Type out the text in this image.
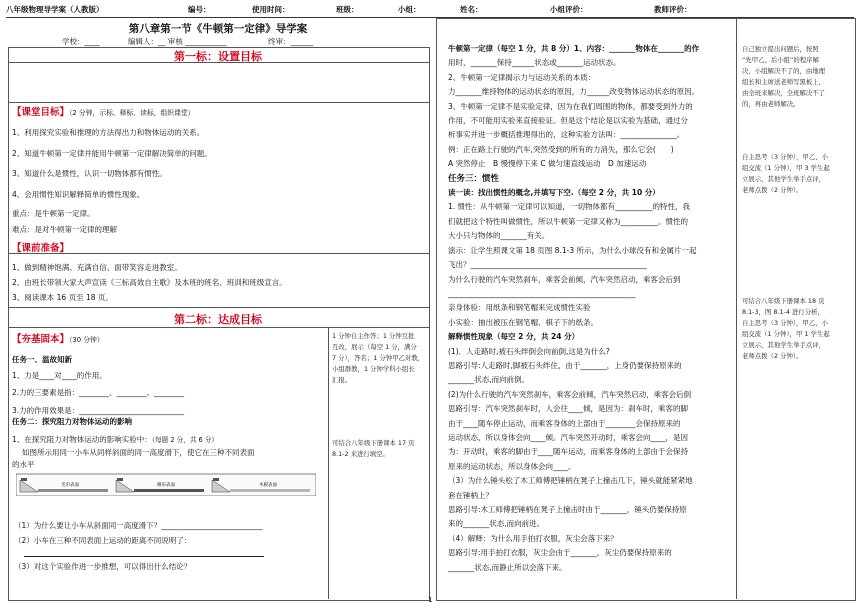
八年级物理导学案（人教版）	编号：	使用时间：	班级：	小组：	姓名：	小组评价：	教师评价：
第八章第一节《牛顿第一定律》导学案
学校：____	编辑人：__ 审核 ___________	终审：______
第一标：设置目标
【课堂目标】（2 分钟，示标、释标、读标，组织课堂）
1、利用探究实验和推理的方法得出力和物体运动的关系。
2、知道牛顿第一定律并能用牛顿第一定律解决简单的问题。
3、知道什么是惯性，认识一切物体都有惯性。
4、会用惯性知识解释简单的惯性现象。
重点：是牛顿第一定律。
难点：是对牛顿第一定律的理解
【课前准备】
1、做到精神饱满、充满自信、面带笑容走进教室。
2、由班长带领大家大声宣读《三标高效自主歌》及本班的班名、班训和班级宣言。
3、阅读课本 16 页至 18 页。
第二标：达成目标
【夯基固本】（30 分钟）
任务一、温故知新
1、力是____对____的作用。
2.力的三要素是指：________、________、________
3.力的作用效果是：____________________________
任务二：探究阻力对物体运动的影响
1、在探究阻力对物体运动的影响实验中：（每题 2 分，共 6 分）
如图所示用同一小车从同样斜面的同一高度滑下，使它在三种不同表面
的水平
毛巾表面	棉布表面	木板表面
（1）为什么要让小车从斜面同一高度滑下？___________________________
（2）小车在三种不同表面上运动的距离不同说明了：
（3）对这个实验作进一步推想，可以得出什么结论？
1 分钟自主作答；1 分钟互批
互改，展示（每空 1 分，满分
7 分），答名；1 分钟甲乙对教，
小组群教，1 分钟学科小组长
汇报。
可结合八年级下册课本 17 页
8.1-2 来进行填空。
牛顿第一定律（每空 1 分，共 8 分）1、内容：_______物体在_______的作
用时，_______保持______状态或_______运动状态。
2、牛顿第一定律揭示力与运动关系的本质：
力_______维持物体的运动状态的原因，力______改变物体运动状态的原因。
3、牛顿第一定律不是实验定律，因为在我们周围的物体，都要受到外力的
作用，不可能用实验来直接验证。但是这个结论是以实验为基础，通过分
析事实并进一步概括推理得出的，这种实验方法叫：_______________。
例：正在路上行驶的汽车,突然受到的所有的力消失，那么它会(　　)
A 突然停止　B 慢慢停下来 C 做匀速直线运动　D 加速运动
任务三：惯性
读一读：找出惯性的概念,并填写下空.（每空 2 分，共 10 分）
1. 惯性：从牛顿第一定律可以知道，一切物体都有__________的特性，我
们就把这个特性叫做惯性，所以牛顿第一定律又称为__________。惯性的
大小只与物体的_______有关。
演示：让学生照课文第 18 页图 8.1-3 所示，为什么小球没有和金属片一起
飞出？_______________________________________________
为什么行驶的汽车突然刹车，乘客会前倾，汽车突然启动，乘客会后到
__________________________________________________
亲身体验：用纸条和钢笔帽来完成惯性实验
小实验：抽出被压在钢笔帽、棋子下的纸条。
解释惯性现象（每空 2 分，共 24 分）
(1)．人走路时,被石头绊倒会向前倒,这是为什么?
思路引导:人走路时,脚被石头绊住，由于_______，上身仍要保持原来的
_______状态,而向前倒。
(2)为什么行驶的汽车突然刹车，乘客会前倾，汽车突然启动，乘客会后倒
思路引导：汽车突然刹车时，人会往____倾，是因为：刹车时，乘客的脚
由于____随车停止运动，而乘客身体的上部由于________会保持原来的
运动状态，所以身体会向____倾。汽车突然开动时，乘客会向____，是因
为：开动时，乘客的脚由于____随车运动，而乘客身体的上部由于会保持
原来的运动状态，所以身体会向____。
（3）为什么锤头松了木工师傅把锤柄在凳子上撞击几下，锤头就能紧紧地
套在锤柄上？
思路引导:木工师傅把锤柄在凳子上撞击时由于_______，锤头仍要保持原
来的_______状态,而向前进。
（4）解释：为什么用手拍打衣服，灰尘会落下来？
思路引导:用手拍打衣服，灰尘会由于_______，灰尘仍要保持原来的
_______状态,而静止所以会落下来。
自己独立提出问题后，按照
“先甲乙、后小组”的程序解
决，小组解决不了的，由地理
组长和主席送老师写黑板上，
由全班来解决，全班解决不了
的，再由老师解决。
自主思考（3 分钟），甲乙、小
组交流（1 分钟），甲 3 学生起
立展示，其他学生举手点评，
老师点拨（2 分钟）。
可结合八年级下册课本 18 页
8.1-3，图 8.1-4 进行分析，
自主思考（3 分钟），甲乙、小
组交流（1 分钟），甲 1 学生起
立展示，其他学生举手点评，
老师点拨（2 分钟）。
1
